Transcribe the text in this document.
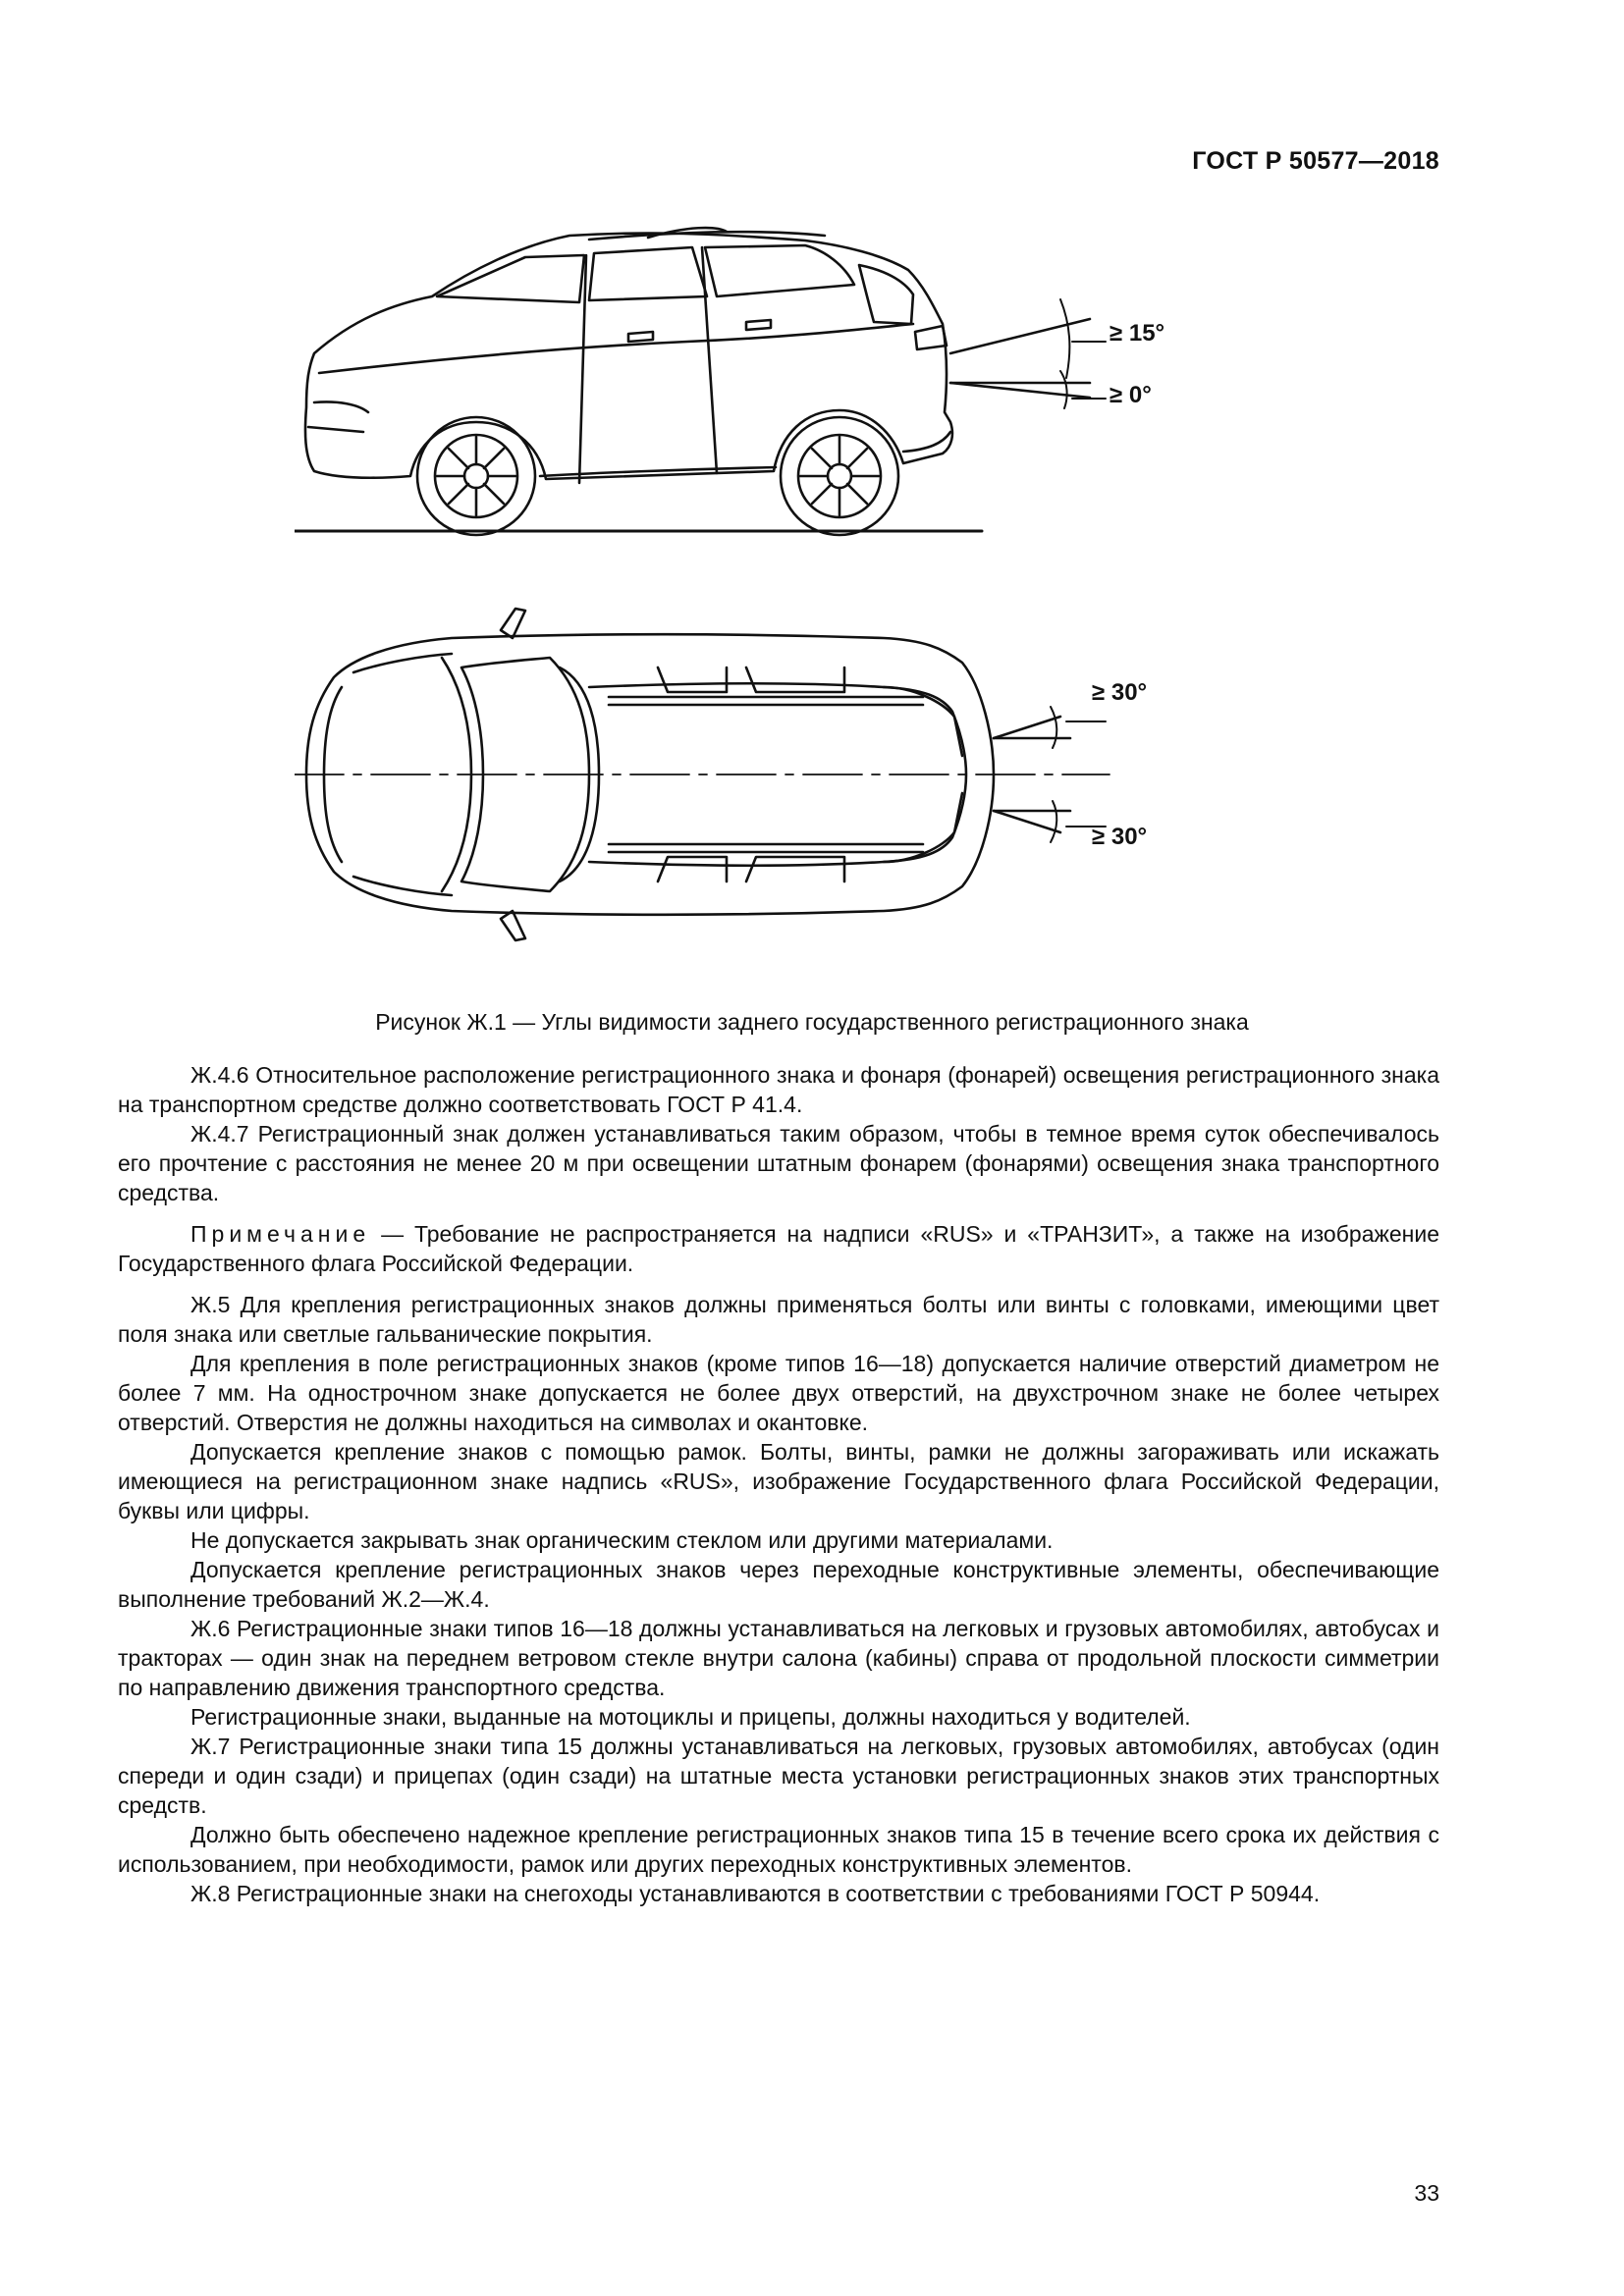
ГОСТ Р 50577—2018
≥ 15°
≥ 0°
≥ 30°
≥ 30°
Рисунок Ж.1 — Углы видимости заднего государственного регистрационного знака

Ж.4.6 Относительное расположение регистрационного знака и фонаря (фонарей) освещения регистрационного знака на транспортном средстве должно соответствовать ГОСТ Р 41.4.

Ж.4.7 Регистрационный знак должен устанавливаться таким образом, чтобы в темное время суток обеспечивалось его прочтение с расстояния не менее 20 м при освещении штатным фонарем (фонарями) освещения знака транспортного средства.

Примечание — Требование не распространяется на надписи «RUS» и «ТРАНЗИТ», а также на изображение Государственного флага Российской Федерации.

Ж.5 Для крепления регистрационных знаков должны применяться болты или винты с головками, имеющими цвет поля знака или светлые гальванические покрытия.

Для крепления в поле регистрационных знаков (кроме типов 16—18) допускается наличие отверстий диаметром не более 7 мм. На однострочном знаке допускается не более двух отверстий, на двухстрочном знаке не более четырех отверстий. Отверстия не должны находиться на символах и окантовке.

Допускается крепление знаков с помощью рамок. Болты, винты, рамки не должны загораживать или искажать имеющиеся на регистрационном знаке надпись «RUS», изображение Государственного флага Российской Федерации, буквы или цифры.

Не допускается закрывать знак органическим стеклом или другими материалами.

Допускается крепление регистрационных знаков через переходные конструктивные элементы, обеспечивающие выполнение требований Ж.2—Ж.4.

Ж.6 Регистрационные знаки типов 16—18 должны устанавливаться на легковых и грузовых автомобилях, автобусах и тракторах — один знак на переднем ветровом стекле внутри салона (кабины) справа от продольной плоскости симметрии по направлению движения транспортного средства.

Регистрационные знаки, выданные на мотоциклы и прицепы, должны находиться у водителей.

Ж.7 Регистрационные знаки типа 15 должны устанавливаться на легковых, грузовых автомобилях, автобусах (один спереди и один сзади) и прицепах (один сзади) на штатные места установки регистрационных знаков этих транспортных средств.

Должно быть обеспечено надежное крепление регистрационных знаков типа 15 в течение всего срока их действия с использованием, при необходимости, рамок или других переходных конструктивных элементов.

Ж.8 Регистрационные знаки на снегоходы устанавливаются в соответствии с требованиями ГОСТ Р 50944.

33
